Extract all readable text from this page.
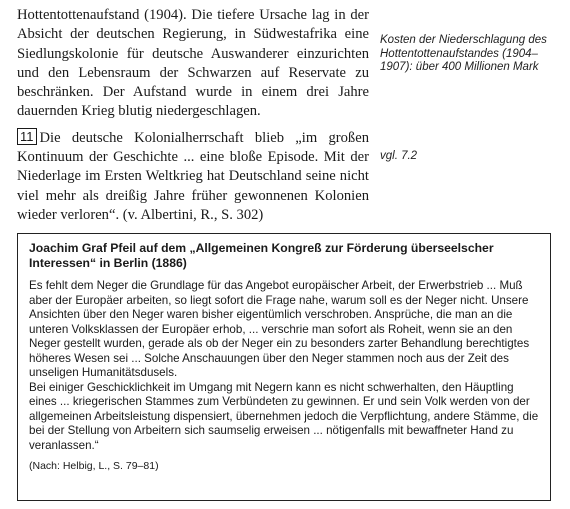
Hottentottenaufstand (1904). Die tiefere Ursache lag in der Absicht der deutschen Regierung, in Südwestafrika eine Siedlungskolonie für deutsche Auswanderer einzurichten und den Lebensraum der Schwarzen auf Reservate zu beschränken. Der Aufstand wurde in einem drei Jahre dauernden Krieg blutig niedergeschlagen.

11 Die deutsche Kolonialherrschaft blieb „im großen Kontinuum der Geschichte ... eine bloße Episode. Mit der Niederlage im Ersten Weltkrieg hat Deutschland seine nicht viel mehr als dreißig Jahre früher gewonnenen Kolonien wieder verloren“. (v. Albertini, R., S. 302)

Kosten der Niederschlagung des Hottentottenaufstandes (1904–1907): über 400 Millionen Mark
vgl. 7.2

Joachim Graf Pfeil auf dem „Allgemeinen Kongreß zur Förderung überseelscher Interessen“ in Berlin (1886)

Es fehlt dem Neger die Grundlage für das Angebot europäischer Arbeit, der Erwerbstrieb ... Muß aber der Europäer arbeiten, so liegt sofort die Frage nahe, warum soll es der Neger nicht. Unsere Ansichten über den Neger waren bisher eigentümlich verschroben. Ansprüche, die man an die unteren Volksklassen der Europäer erhob, ... verschrie man sofort als Roheit, wenn sie an den Neger gestellt wurden, gerade als ob der Neger ein zu besonders zarter Behandlung berechtigtes höheres Wesen sei ... Solche Anschauungen über den Neger stammen noch aus der Zeit des unseligen Humanitätsdusels.
Bei einiger Geschicklichkeit im Umgang mit Negern kann es nicht schwerhalten, den Häuptling eines ... kriegerischen Stammes zum Verbündeten zu gewinnen. Er und sein Volk werden von der allgemeinen Arbeitsleistung dispensiert, übernehmen jedoch die Verpflichtung, andere Stämme, die bei der Stellung von Arbeitern sich saumselig erweisen ... nötigenfalls mit bewaffneter Hand zu veranlassen.“

(Nach: Helbig, L., S. 79–81)
